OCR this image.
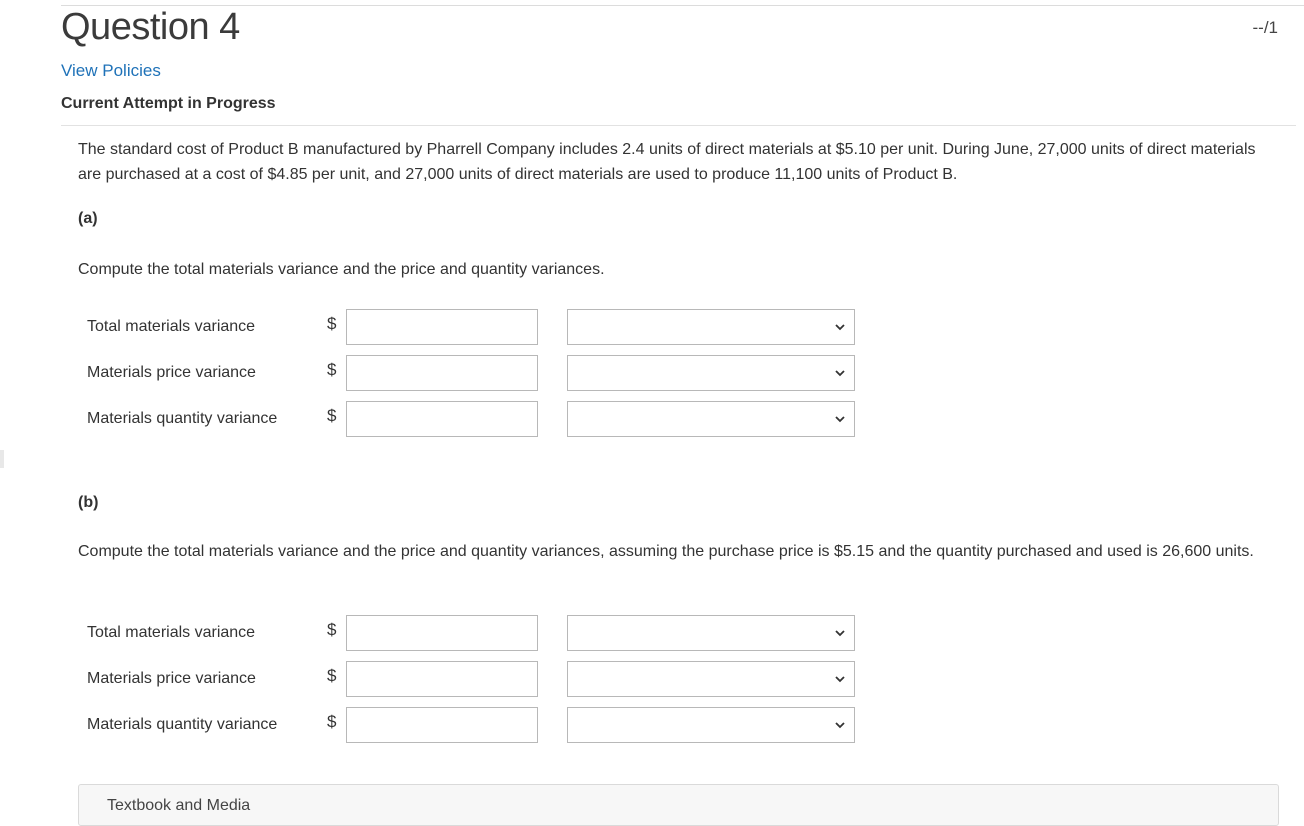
Question 4	--/1
View Policies
Current Attempt in Progress

The standard cost of Product B manufactured by Pharrell Company includes 2.4 units of direct materials at $5.10 per unit. During June, 27,000 units of direct materials are purchased at a cost of $4.85 per unit, and 27,000 units of direct materials are used to produce 11,100 units of Product B.

(a)

Compute the total materials variance and the price and quantity variances.

Total materials variance	$
Materials price variance	$
Materials quantity variance	$
(b)

Compute the total materials variance and the price and quantity variances, assuming the purchase price is $5.15 and the quantity purchased and used is 26,600 units.

Total materials variance	$
Materials price variance	$
Materials quantity variance	$
Textbook and Media
